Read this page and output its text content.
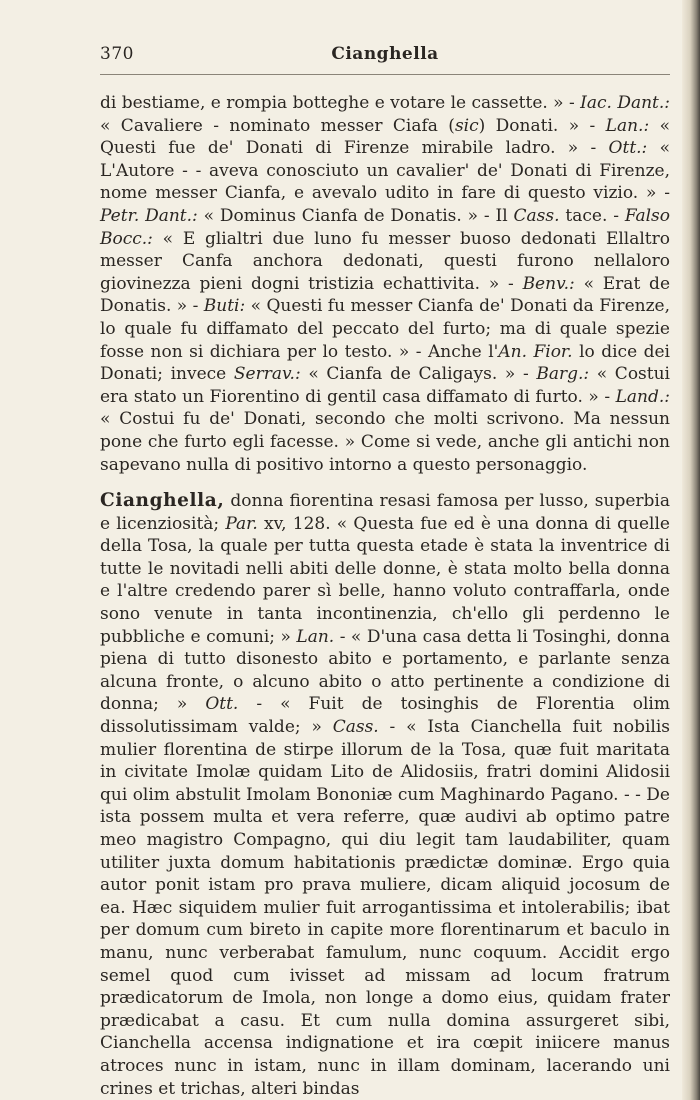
370	Cianghella

di bestiame, e rompia botteghe e votare le cassette. » - Iac. Dant.: « Cavaliere - nominato messer Ciafa (sic) Donati. » - Lan.: « Questi fue de' Donati di Firenze mirabile ladro. » - Ott.: « L'Autore - - aveva conosciuto un cavalier' de' Donati di Firenze, nome messer Cianfa, e avevalo udito in fare di questo vizio. » - Petr. Dant.: « Dominus Cianfa de Donatis. » - Il Cass. tace. - Falso Bocc.: « E glialtri due luno fu messer buoso dedonati Ellaltro messer Canfa anchora dedonati, questi furono nellaloro giovinezza pieni dogni tristizia echattivita. » - Benv.: « Erat de Donatis. » - Buti: « Questi fu messer Cianfa de' Donati da Firenze, lo quale fu diffamato del peccato del furto; ma di quale spezie fosse non si dichiara per lo testo. » - Anche l'An. Fior. lo dice dei Donati; invece Serrav.: « Cianfa de Caligays. » - Barg.: « Costui era stato un Fiorentino di gentil casa diffamato di furto. » - Land.: « Costui fu de' Donati, secondo che molti scrivono. Ma nessun pone che furto egli facesse. » Come si vede, anche gli antichi non sapevano nulla di positivo intorno a questo personaggio.

Cianghella, donna fiorentina resasi famosa per lusso, superbia e licenziosità; Par. xv, 128. « Questa fue ed è una donna di quelle della Tosa, la quale per tutta questa etade è stata la inventrice di tutte le novitadi nelli abiti delle donne, è stata molto bella donna e l'altre credendo parer sì belle, hanno voluto contraffarla, onde sono venute in tanta incontinenzia, ch'ello gli perdenno le pubbliche e comuni; » Lan. - « D'una casa detta li Tosinghi, donna piena di tutto disonesto abito e portamento, e parlante senza alcuna fronte, o alcuno abito o atto pertinente a condizione di donna; » Ott. - « Fuit de tosinghis de Florentia olim dissolutissimam valde; » Cass. - « Ista Cianchella fuit nobilis mulier florentina de stirpe illorum de la Tosa, quæ fuit maritata in civitate Imolæ quidam Lito de Alidosiis, fratri domini Alidosii qui olim abstulit Imolam Bononiæ cum Maghinardo Pagano. - - De ista possem multa et vera referre, quæ audivi ab optimo patre meo magistro Compagno, qui diu legit tam laudabiliter, quam utiliter juxta domum habitationis prædictæ dominæ. Ergo quia autor ponit istam pro prava muliere, dicam aliquid jocosum de ea. Hæc siquidem mulier fuit arrogantissima et intolerabilis; ibat per domum cum bireto in capite more florentinarum et baculo in manu, nunc verberabat famulum, nunc coquum. Accidit ergo semel quod cum ivisset ad missam ad locum fratrum prædicatorum de Imola, non longe a domo eius, quidam frater prædicabat a casu. Et cum nulla domina assurgeret sibi, Cianchella accensa indignatione et ira cœpit iniicere manus atroces nunc in istam, nunc in illam dominam, lacerando uni crines et trichas, alteri bindas
